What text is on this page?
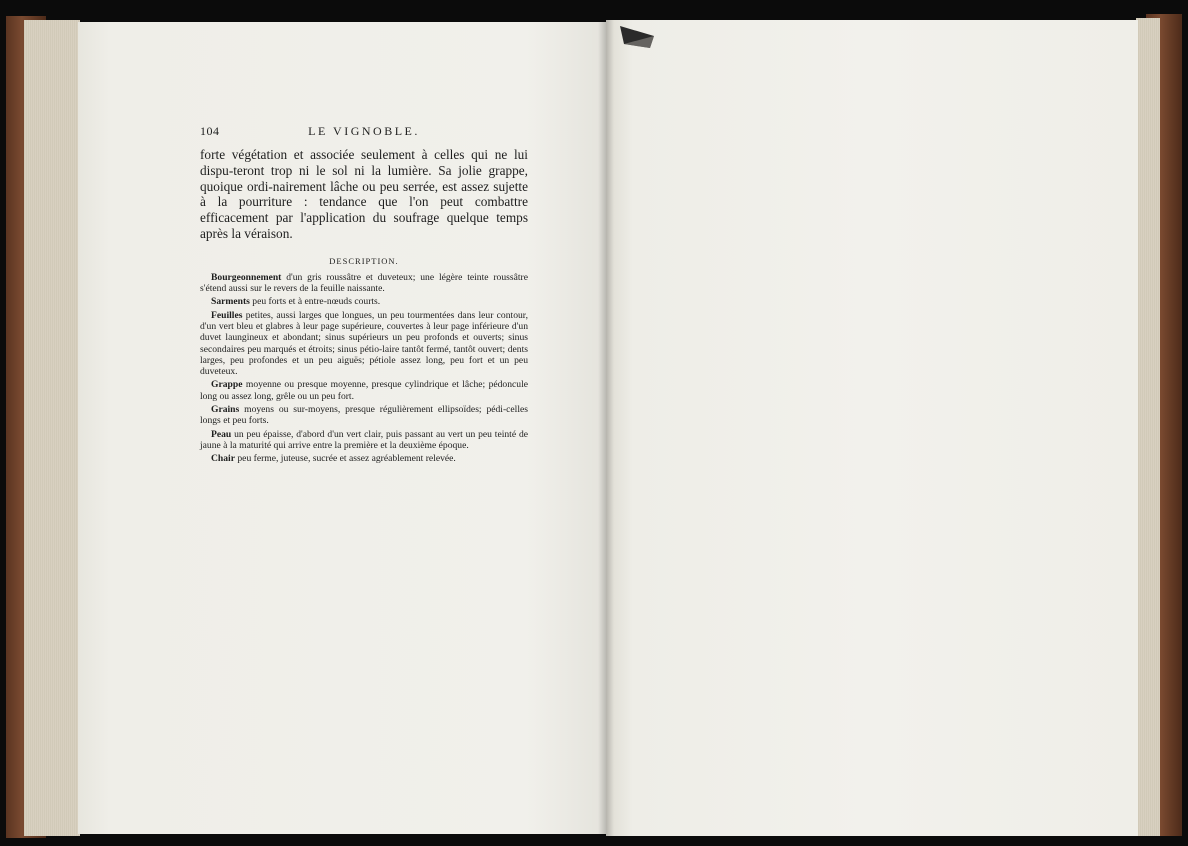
104	LE VIGNOBLE.

forte végétation et associée seulement à celles qui ne lui dispu-teront trop ni le sol ni la lumière. Sa jolie grappe, quoique ordi-nairement lâche ou peu serrée, est assez sujette à la pourriture : tendance que l'on peut combattre efficacement par l'application du soufrage quelque temps après la véraison.

DESCRIPTION.

Bourgeonnement d'un gris roussâtre et duveteux; une légère teinte roussâtre s'étend aussi sur le revers de la feuille naissante.

Sarments peu forts et à entre-nœuds courts.

Feuilles petites, aussi larges que longues, un peu tourmentées dans leur contour, d'un vert bleu et glabres à leur page supérieure, couvertes à leur page inférieure d'un duvet laungineux et abondant; sinus supérieurs un peu profonds et ouverts; sinus secondaires peu marqués et étroits; sinus pétio-laire tantôt fermé, tantôt ouvert; dents larges, peu profondes et un peu aiguës; pétiole assez long, peu fort et un peu duveteux.

Grappe moyenne ou presque moyenne, presque cylindrique et lâche; pédoncule long ou assez long, grêle ou un peu fort.

Grains moyens ou sur-moyens, presque régulièrement ellipsoïdes; pédi-celles longs et peu forts.

Peau un peu épaisse, d'abord d'un vert clair, puis passant au vert un peu teinté de jaune à la maturité qui arrive entre la première et la deuxième époque.

Chair peu ferme, juteuse, sucrée et assez agréablement relevée.
